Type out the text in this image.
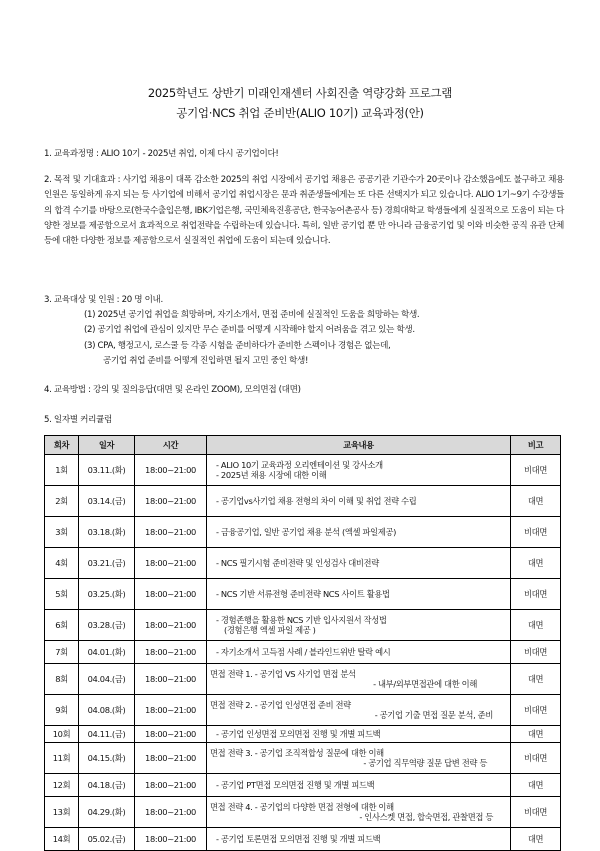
2025학년도 상반기 미래인재센터 사회진출 역량강화 프로그램
공기업·NCS 취업 준비반(ALIO 10기) 교육과정(안)
1. 교육과정명 : ALIO 10기 - 2025년 취업, 이제 다시 공기업이다!
2. 목적 및 기대효과 : 사기업 채용이 대폭 감소한 2025의 취업 시장에서 공기업 채용은 공공기관 기관수가 20곳이나 감소했음에도 불구하고 채용 인원은 동일하게 유지 되는 등 사기업에 비해서 공기업 취업시장은 문과 취준생들에게는 또 다른 선택지가 되고 있습니다. ALIO 1기~9기 수강생들의 합격 수기를 바탕으로(한국수출입은행, IBK기업은행, 국민체육진흥공단, 한국농어촌공사 등) 경희대학교 학생들에게 실질적으로 도움이 되는 다양한 정보를 제공함으로서 효과적으로 취업전략을 수립하는데 있습니다. 특히, 일반 공기업 뿐 만 아니라 금융공기업 및 이와 비슷한 공직 유관 단체 등에 대한 다양한 정보를 제공함으로서 실질적인 취업에 도움이 되는데 있습니다.
3. 교육대상 및 인원 : 20 명 이내.
(1) 2025년 공기업 취업을 희망하며, 자기소개서, 면접 준비에 실질적인 도움을 희망하는 학생.
(2) 공기업 취업에 관심이 있지만 무슨 준비를 어떻게 시작해야 할지 어려움을 겪고 있는 학생.
(3) CPA, 행정고시, 로스쿨 등 각종 시험을 준비하다가 준비한 스펙이나 경험은 없는데,
공기업 취업 준비를 어떻게 진입하면 될지 고민 중인 학생!
4. 교육방법 : 강의 및 질의응답(대면 및 온라인 ZOOM), 모의면접 (대면)
5. 일자별 커리큘럼
회차	일자	시간	교육내용	비고
1회	03.11.(화)	18:00~21:00	- ALIO 10기 교육과정 오리엔테이션 및 강사소개
- 2025년 채용 시장에 대한 이해	비대면
2회	03.14.(금)	18:00~21:00	- 공기업vs사기업 채용 전형의 차이 이해 및 취업 전략 수립	대면
3회	03.18.(화)	18:00~21:00	- 금융공기업, 일반 공기업 채용 분석 (엑셀 파일제공)	비대면
4회	03.21.(금)	18:00~21:00	- NCS 필기시험 준비전략 및 인성검사 대비전략	대면
5회	03.25.(화)	18:00~21:00	- NCS 기반 서류전형 준비전략 NCS 사이트 활용법	비대면
6회	03.28.(금)	18:00~21:00	- 경험존행을 활용한 NCS 기반 입사지원서 작성법
(경험은행 엑셀 파일 제공 )	대면
7회	04.01.(화)	18:00~21:00	- 자기소개서 고득점 사례 / 블라인드위반 탈락 예시	비대면
8회	04.04.(금)	18:00~21:00	면접 전략 1. - 공기업 VS 사기업 면접 분석
- 내부/외부면접관에 대한 이해	대면
9회	04.08.(화)	18:00~21:00	면접 전략 2. - 공기업 인성면접 준비 전략
- 공기업 기출 면접 질문 분석, 준비	비대면
10회	04.11.(금)	18:00~21:00	- 공기업 인성면접 모의면접 진행 및 개별 피드백	대면
11회	04.15.(화)	18:00~21:00	면접 전략 3. - 공기업 조직적합성 질문에 대한 이해
- 공기업 직무역량 질문 답변 전략 등	비대면
12회	04.18.(금)	18:00~21:00	- 공기업 PT면접 모의면접 진행 및 개별 피드백	대면
13회	04.29.(화)	18:00~21:00	면접 전략 4. - 공기업의 다양한 면접 전형에 대한 이해
- 인사스켓 면접, 합숙면접, 관찰면접 등	비대면
14회	05.02.(금)	18:00~21:00	- 공기업 토론면접 모의면접 진행 및 개별 피드백	대면
